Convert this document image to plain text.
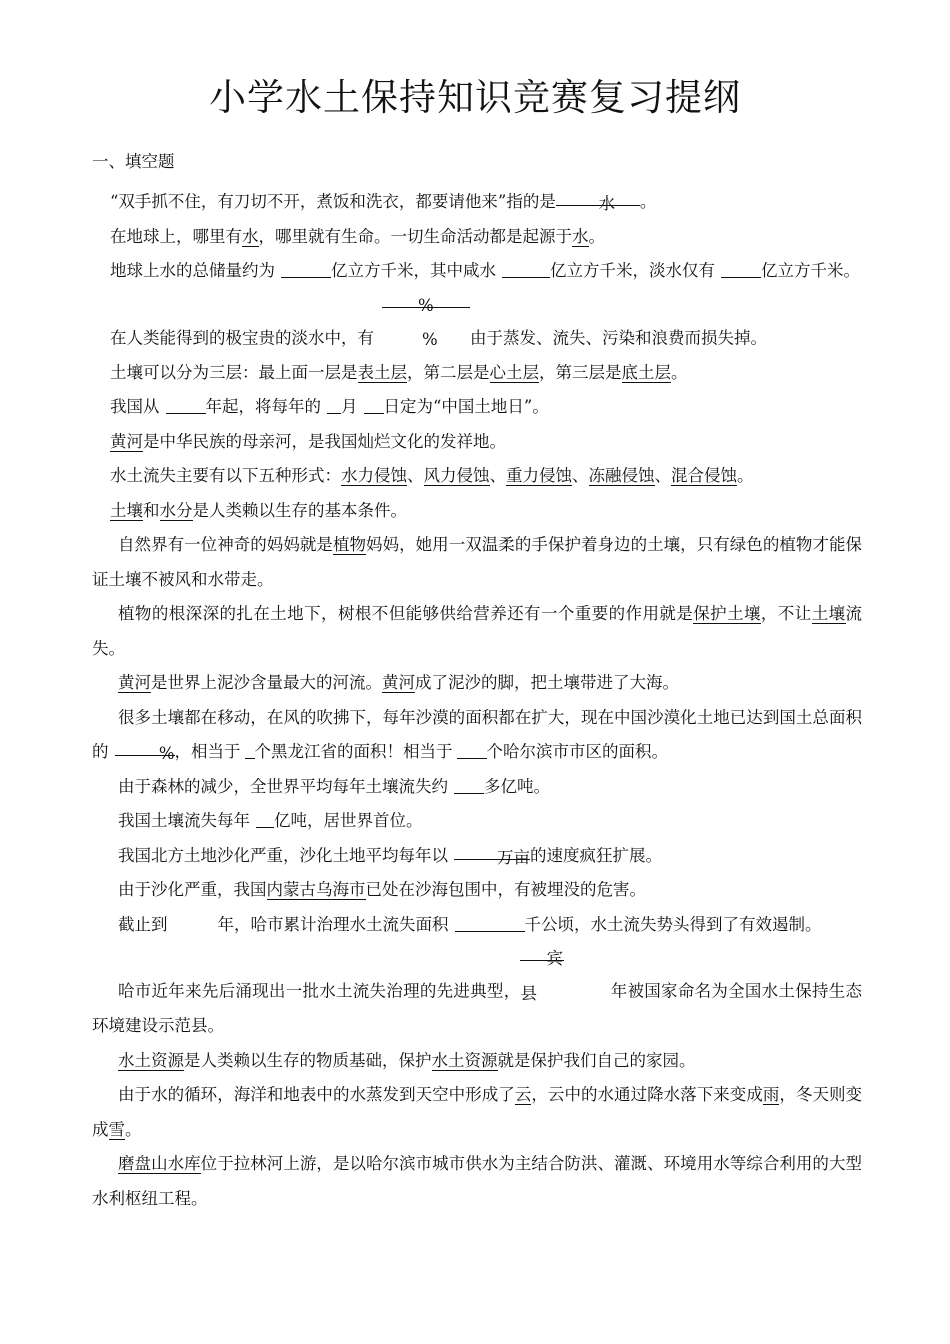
小学水土保持知识竞赛复习提纲
一、填空题

“双手抓不住，有刀切不开，煮饭和洗衣，都要请他来”指的是	水 。

在地球上，哪里有水，哪里就有生命。一切生命活动都是起源于水。

地球上水的总储量约为	亿立方千米，其中咸水	亿立方千米，淡水仅有	亿立方千米。

在人类能得到的极宝贵的淡水中，有%% 由于蒸发、流失、污染和浪费而损失掉。

土壤可以分为三层：最上面一层是表土层，第二层是心土层，第三层是底土层。

我国从	年起，将每年的 月 日定为“中国土地日”。

黄河是中华民族的母亲河，是我国灿烂文化的发祥地。

水土流失主要有以下五种形式：水力侵蚀、风力侵蚀、重力侵蚀、冻融侵蚀、混合侵蚀。

土壤和水分是人类赖以生存的基本条件。

自然界有一位神奇的妈妈就是植物妈妈，她用一双温柔的手保护着身边的土壤，只有绿色的植物才能保证土壤不被风和水带走。

植物的根深深的扎在土地下，树根不但能够供给营养还有一个重要的作用就是保护土壤，不让土壤流失。

黄河是世界上泥沙含量最大的河流。黄河成了泥沙的脚，把土壤带进了大海。

很多土壤都在移动，在风的吹拂下，每年沙漠的面积都在扩大，现在中国沙漠化土地已达到国土总面积的	%，相当于 个黑龙江省的面积！相当于 个哈尔滨市市区的面积。

由于森林的减少，全世界平均每年土壤流失约 多亿吨。

我国土壤流失每年 亿吨，居世界首位。

我国北方土地沙化严重，沙化土地平均每年以	万亩的速度疯狂扩展。

由于沙化严重，我国内蒙古乌海市已处在沙海包围中，有被埋没的危害。

截止到	年，哈市累计治理水土流失面积	千公顷，水土流失势头得到了有效遏制。

哈市近年来先后涌现出一批水土流失治理的先进典型，宾县	年被国家命名为全国水土保持生态环境建设示范县。

水土资源是人类赖以生存的物质基础，保护水土资源就是保护我们自己的家园。

由于水的循环，海洋和地表中的水蒸发到天空中形成了云，云中的水通过降水落下来变成雨，冬天则变成雪。

磨盘山水库位于拉林河上游，是以哈尔滨市城市供水为主结合防洪、灌溉、环境用水等综合利用的大型水利枢纽工程。
